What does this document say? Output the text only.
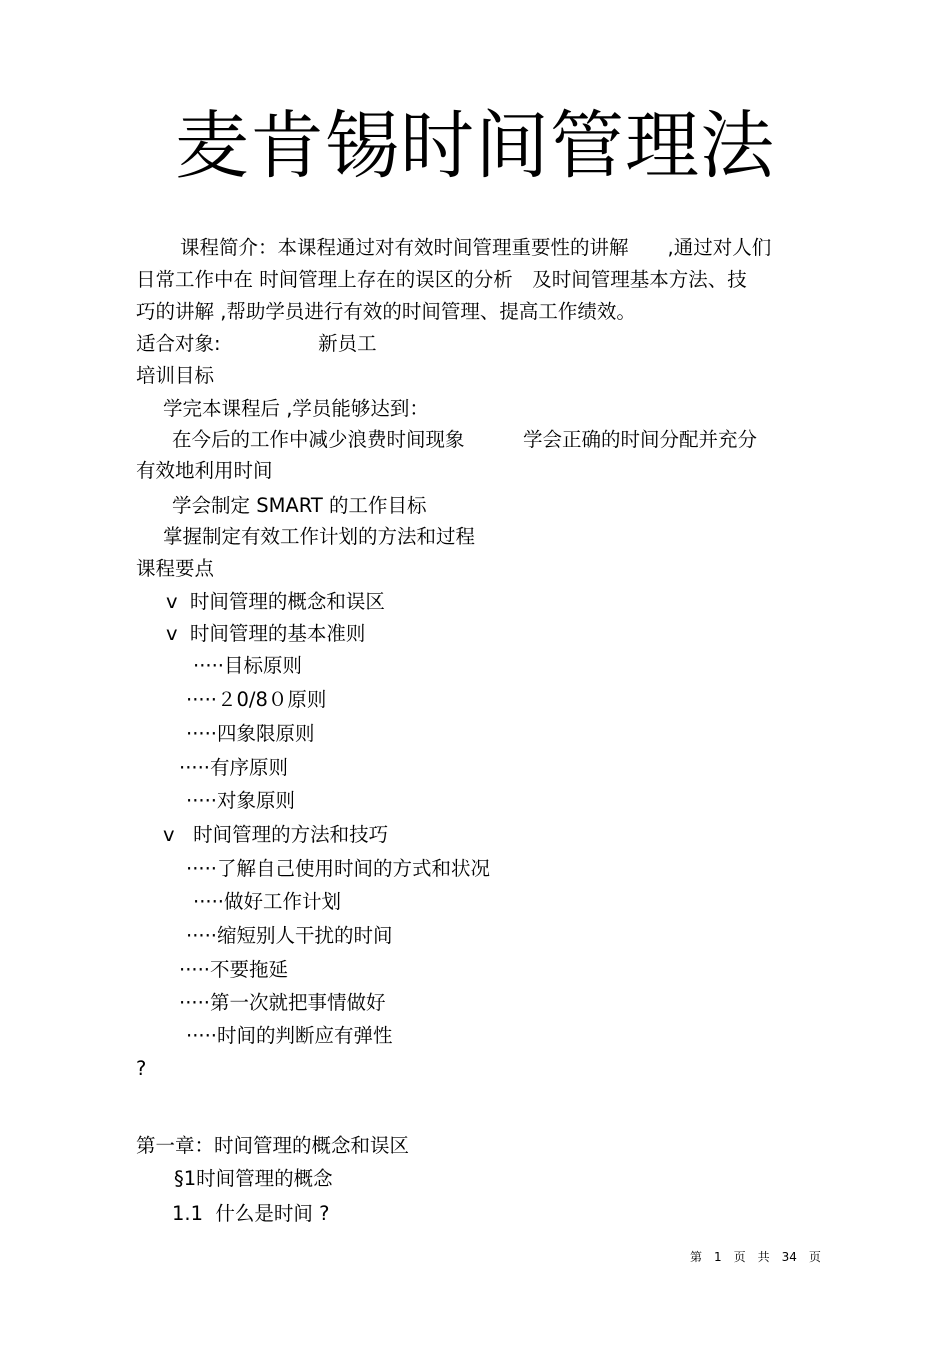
麦肯锡时间管理法
课程简介：本课程通过对有效时间管理重要性的讲解　　,通过对人们
日常工作中在 时间管理上存在的误区的分析　及时间管理基本方法、技
巧的讲解 ,帮助学员进行有效的时间管理、提高工作绩效。
适合对象:　　　　　新员工
培训目标
学完本课程后 ,学员能够达到：
在今后的工作中减少浪费时间现象　　　学会正确的时间分配并充分
有效地利用时间
学会制定 SMART 的工作目标
掌握制定有效工作计划的方法和过程
课程要点
v  时间管理的概念和误区
v  时间管理的基本准则
·····目标原则
·····２0/8０原则
·····四象限原则
·····有序原则
·····对象原则
v   时间管理的方法和技巧
·····了解自己使用时间的方式和状况
·····做好工作计划
·····缩短别人干扰的时间
·····不要拖延
·····第一次就把事情做好
·····时间的判断应有弹性
?
第一章：时间管理的概念和误区
§1时间管理的概念
1.1  什么是时间 ?
第　1　页　共　34　页
